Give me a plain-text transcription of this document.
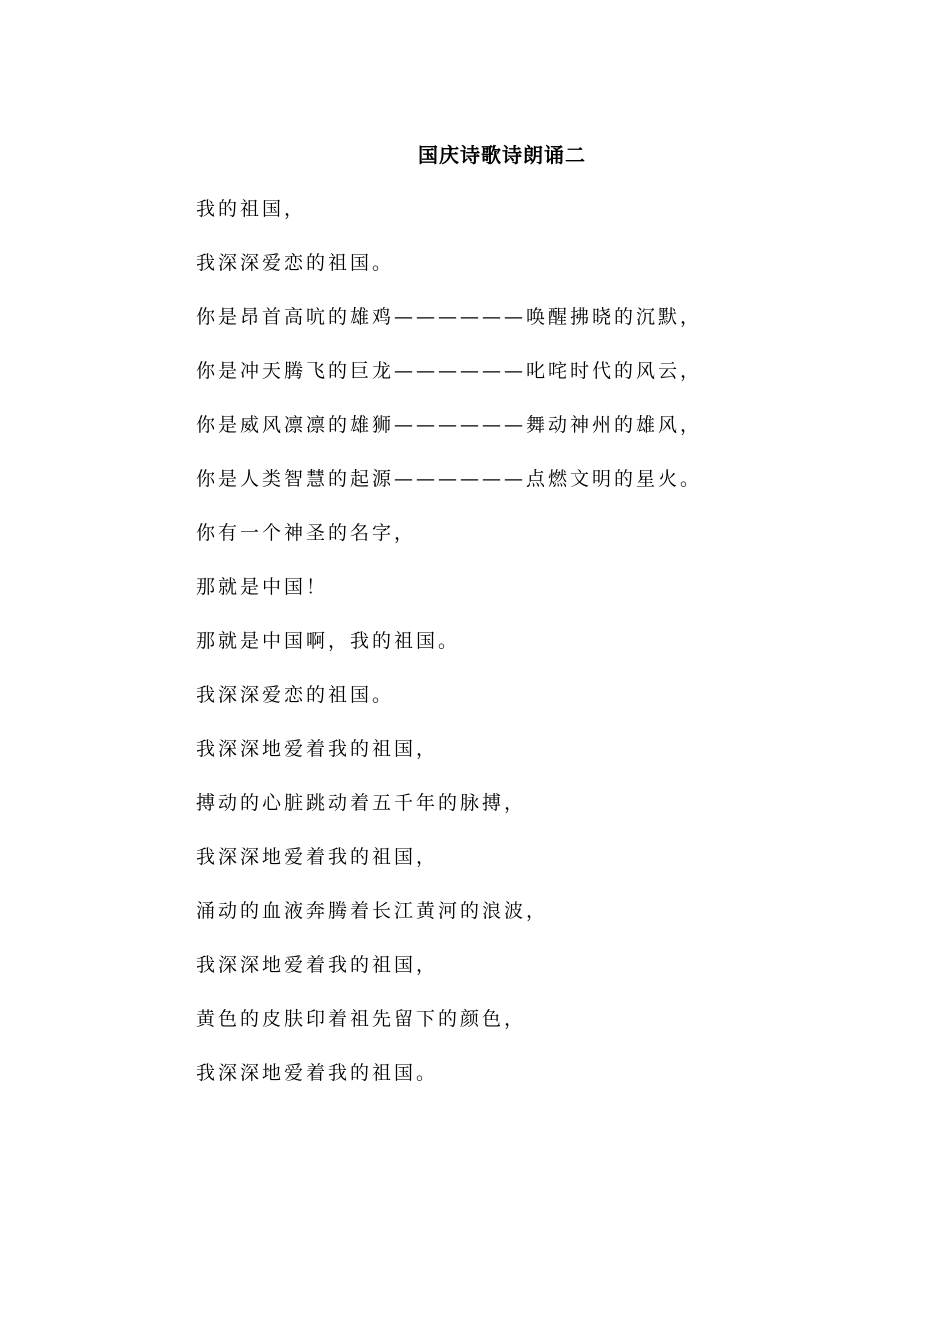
国庆诗歌诗朗诵二
我的祖国，
我深深爱恋的祖国。
你是昂首高吭的雄鸡——————唤醒拂晓的沉默，
你是冲天腾飞的巨龙——————叱咤时代的风云，
你是威风凛凛的雄狮——————舞动神州的雄风，
你是人类智慧的起源——————点燃文明的星火。
你有一个神圣的名字，
那就是中国！
那就是中国啊，我的祖国。
我深深爱恋的祖国。
我深深地爱着我的祖国，
搏动的心脏跳动着五千年的脉搏，
我深深地爱着我的祖国，
涌动的血液奔腾着长江黄河的浪波，
我深深地爱着我的祖国，
黄色的皮肤印着祖先留下的颜色，
我深深地爱着我的祖国。
